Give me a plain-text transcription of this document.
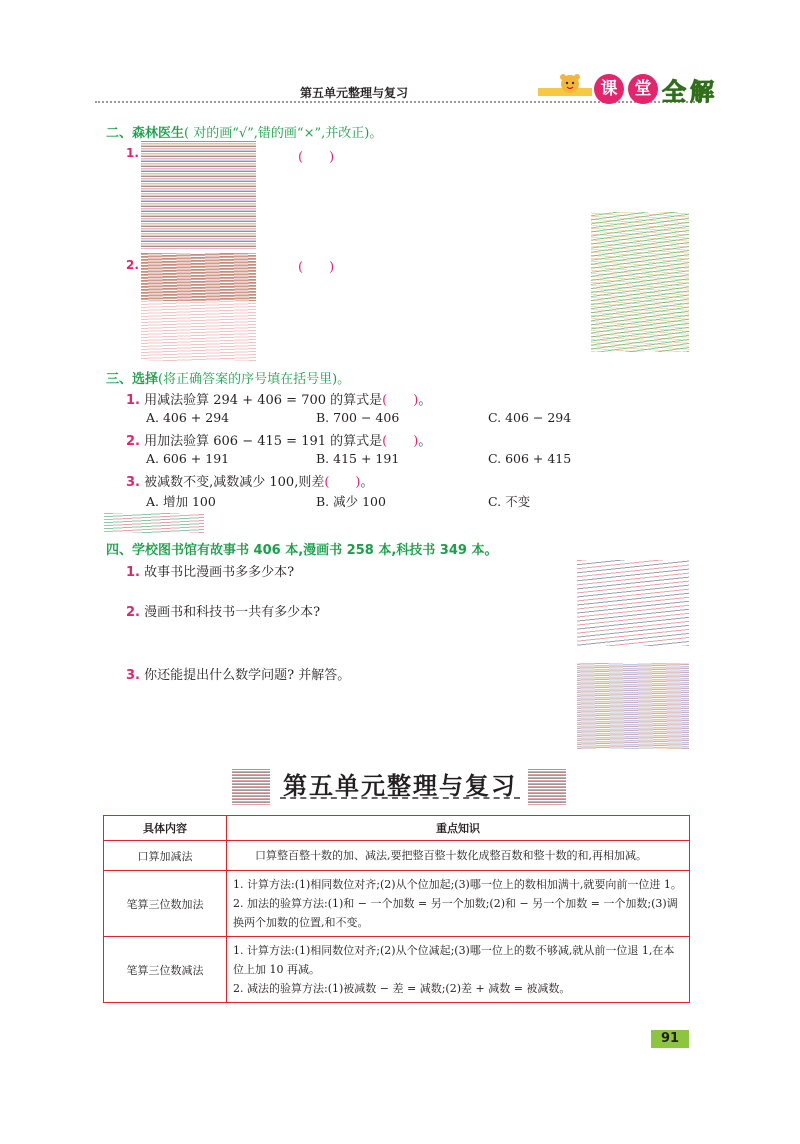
第五单元整理与复习	课	堂 全 解
二、森林医生( 对的画“√”,错的画“×”,并改正)。
1.	(　　)
2.	(　　)
三、选择(将正确答案的序号填在括号里)。
1. 用减法验算 294 + 406 = 700 的算式是(　　)。
A. 406 + 294	B. 700 − 406	C. 406 − 294
2. 用加法验算 606 − 415 = 191 的算式是(　　)。
A. 606 + 191	B. 415 + 191	C. 606 + 415
3. 被减数不变,减数减少 100,则差(　　)。
A. 增加 100	B. 减少 100	C. 不变
四、学校图书馆有故事书 406 本,漫画书 258 本,科技书 349 本。
1. 故事书比漫画书多多少本?
2. 漫画书和科技书一共有多少本?
3. 你还能提出什么数学问题? 并解答。
第五单元整理与复习
具体内容	重点知识
口算加减法	口算整百整十数的加、减法,要把整百整十数化成整百数和整十数的和,再相加减。
笔算三位数加法	1. 计算方法:(1)相同数位对齐;(2)从个位加起;(3)哪一位上的数相加满十,就要向前一位进 1。
2. 加法的验算方法:(1)和 − 一个加数 = 另一个加数;(2)和 − 另一个加数 = 一个加数;(3)调换两个加数的位置,和不变。

笔算三位数减法	1. 计算方法:(1)相同数位对齐;(2)从个位减起;(3)哪一位上的数不够减,就从前一位退 1,在本位上加 10 再减。
2. 减法的验算方法:(1)被减数 − 差 = 减数;(2)差 + 减数 = 被减数。
91
